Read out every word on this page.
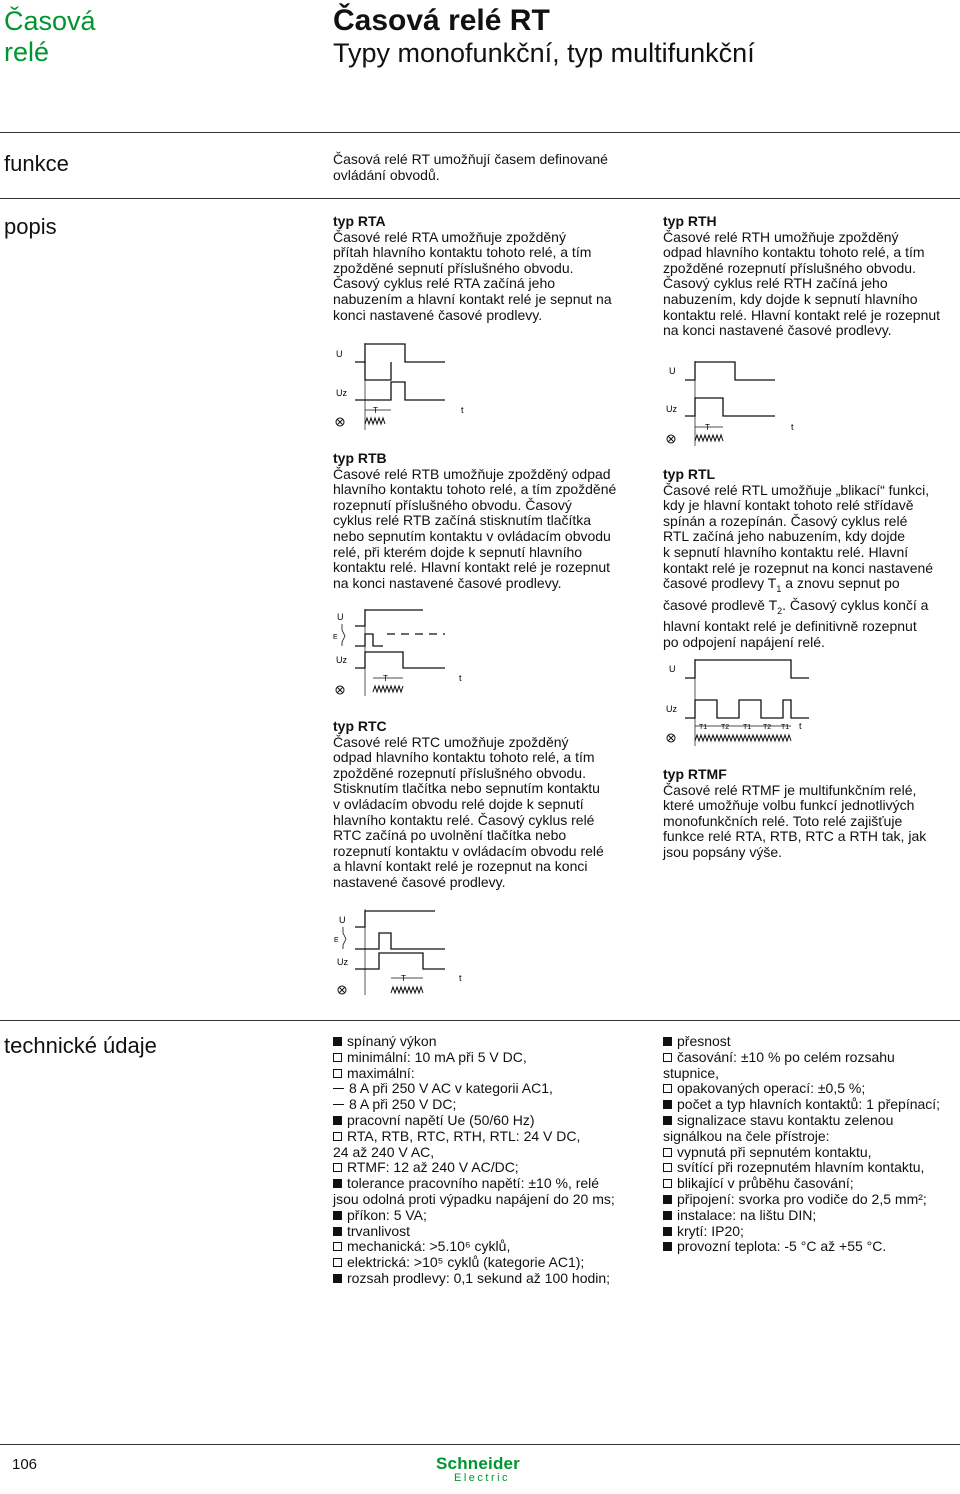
Časová
relé
Časová relé RT
Typy monofunkční, typ multifunkční
funkce	Časová relé RT umožňují časem definované
ovládání obvodů.
popis	typ RTA
Časové relé RTA umožňuje zpožděný
přítah hlavního kontaktu tohoto relé, a tím
zpožděné sepnutí příslušného obvodu.
Časový cyklus relé RTA začíná jeho
nabuzením a hlavní kontakt relé je sepnut na
konci nastavené časové prodlevy.
typ RTH
Časové relé RTH umožňuje zpožděný
odpad hlavního kontaktu tohoto relé, a tím
zpožděné rozepnutí příslušného obvodu.
Časový cyklus relé RTH začíná jeho
nabuzením, kdy dojde k sepnutí hlavního
kontaktu relé. Hlavní kontakt relé je rozepnut
na konci nastavené časové prodlevy.
U
Uz
T	t
U
Uz
T	t
typ RTB
Časové relé RTB umožňuje zpožděný odpad
hlavního kontaktu tohoto relé, a tím zpožděné
rozepnutí příslušného obvodu. Časový
cyklus relé RTB začíná stisknutím tlačítka
nebo sepnutím kontaktu v ovládacím obvodu
relé, při kterém dojde k sepnutí hlavního
kontaktu relé. Hlavní kontakt relé je rozepnut
na konci nastavené časové prodlevy.
typ RTL
Časové relé RTL umožňuje „blikací“ funkci,
kdy je hlavní kontakt tohoto relé střídavě
spínán a rozepínán. Časový cyklus relé
RTL začíná jeho nabuzením, kdy dojde
k sepnutí hlavního kontaktu relé. Hlavní
kontakt relé je rozepnut na konci nastavené
časové prodlevy $T_1$ a znovu sepnut po
časové prodlevě $T_2$. Časový cyklus končí a
hlavní kontakt relé je definitivně rozepnut
po odpojení napájení relé.
U
E
Uz
T	t
U
Uz
T1 T2 T1 T2 T1 t
typ RTC
Časové relé RTC umožňuje zpožděný
odpad hlavního kontaktu tohoto relé, a tím
zpožděné rozepnutí příslušného obvodu.
Stisknutím tlačítka nebo sepnutím kontaktu
v ovládacím obvodu relé dojde k sepnutí
hlavního kontaktu relé. Časový cyklus relé
RTC začíná po uvolnění tlačítka nebo
rozepnutí kontaktu v ovládacím obvodu relé
a hlavní kontakt relé je rozepnut na konci
nastavené časové prodlevy.
typ RTMF
Časové relé RTMF je multifunkčním relé,
které umožňuje volbu funkcí jednotlivých
monofunkčních relé. Toto relé zajišťuje
funkce relé RTA, RTB, RTC a RTH tak, jak
jsou popsány výše.
U
E
Uz
T	t
technické údaje	spínaný výkon
minimální: 10 mA při 5 V DC,
maximální:
8 A při 250 V AC v kategorii AC1,
8 A při 250 V DC;
pracovní napětí Ue (50/60 Hz)
RTA, RTB, RTC, RTH, RTL: 24 V DC,
24 až 240 V AC,
RTMF: 12 až 240 V AC/DC;
tolerance pracovního napětí: ±10 %, relé
jsou odolná proti výpadku napájení do 20 ms;
příkon: 5 VA;
trvanlivost
mechanická: >5.10⁶ cyklů,
elektrická: >10⁵ cyklů (kategorie AC1);
rozsah prodlevy: 0,1 sekund až 100 hodin;
přesnost
časování: ±10 % po celém rozsahu
stupnice,
opakovaných operací: ±0,5 %;
počet a typ hlavních kontaktů: 1 přepínací;
signalizace stavu kontaktu zelenou
signálkou na čele přístroje:
vypnutá při sepnutém kontaktu,
svítící při rozepnutém hlavním kontaktu,
blikající v průběhu časování;
připojení: svorka pro vodiče do 2,5 mm²;
instalace: na lištu DIN;
krytí: IP20;
provozní teplota: -5 °C až +55 °C.
106	Schneider
Electric
